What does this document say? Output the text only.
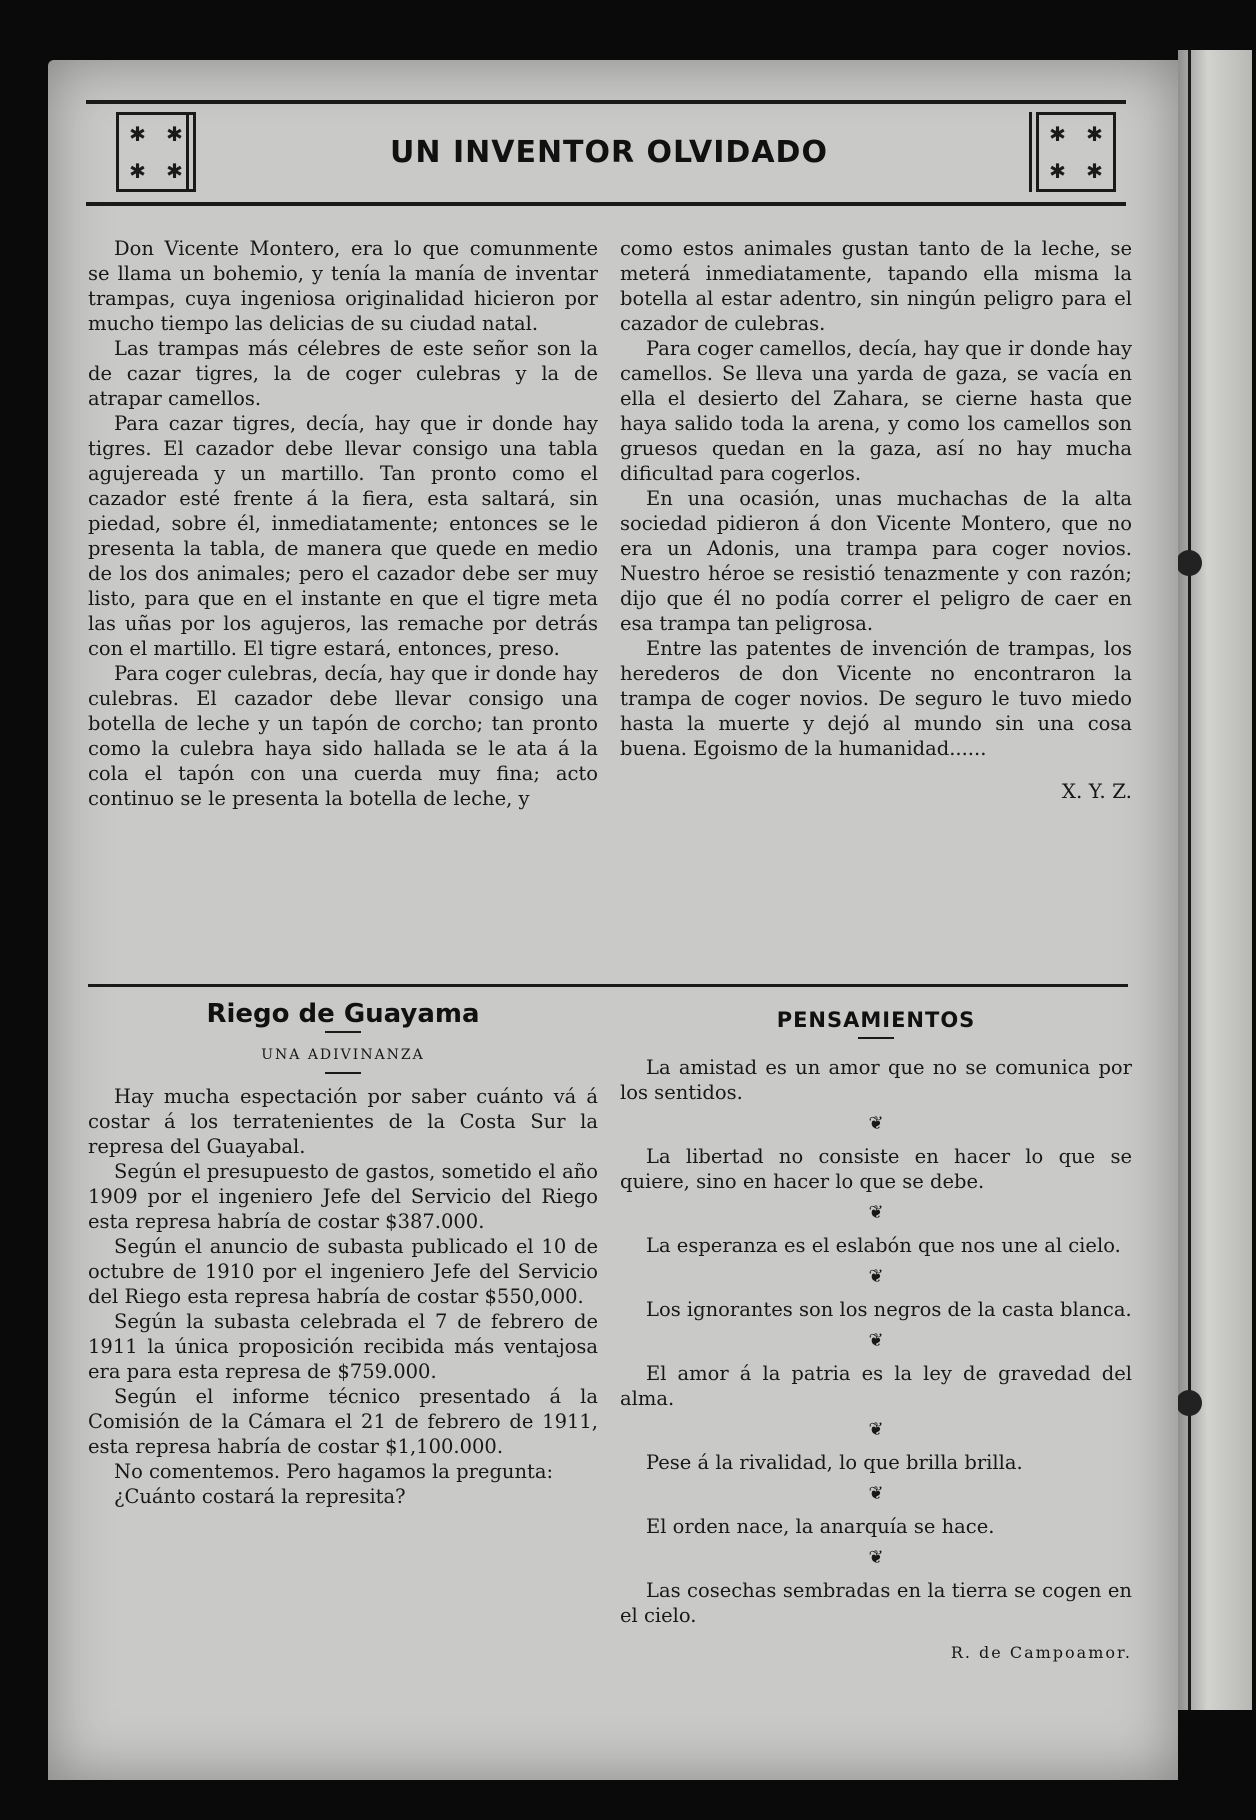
✱ ✱
✱ ✱
UN INVENTOR OLVIDADO
✱ ✱
✱ ✱

Don Vicente Montero, era lo que comunmente se llama un bohemio, y tenía la manía de inventar trampas, cuya ingeniosa originalidad hicieron por mucho tiempo las delicias de su ciudad natal.

Las trampas más célebres de este señor son la de cazar tigres, la de coger culebras y la de atrapar camellos.

Para cazar tigres, decía, hay que ir donde hay tigres. El cazador debe llevar consigo una tabla agujereada y un martillo. Tan pronto como el cazador esté frente á la fiera, esta saltará, sin piedad, sobre él, inmediatamente; entonces se le presenta la tabla, de manera que quede en medio de los dos animales; pero el cazador debe ser muy listo, para que en el instante en que el tigre meta las uñas por los agujeros, las remache por detrás con el martillo. El tigre estará, entonces, preso.

Para coger culebras, decía, hay que ir donde hay culebras. El cazador debe llevar consigo una botella de leche y un tapón de corcho; tan pronto como la culebra haya sido hallada se le ata á la cola el tapón con una cuerda muy fina; acto continuo se le presenta la botella de leche, y

como estos animales gustan tanto de la leche, se meterá inmediatamente, tapando ella misma la botella al estar adentro, sin ningún peligro para el cazador de culebras.

Para coger camellos, decía, hay que ir donde hay camellos. Se lleva una yarda de gaza, se vacía en ella el desierto del Zahara, se cierne hasta que haya salido toda la arena, y como los camellos son gruesos quedan en la gaza, así no hay mucha dificultad para cogerlos.

En una ocasión, unas muchachas de la alta sociedad pidieron á don Vicente Montero, que no era un Adonis, una trampa para coger novios. Nuestro héroe se resistió tenazmente y con razón; dijo que él no podía correr el peligro de caer en esa trampa tan peligrosa.

Entre las patentes de invención de trampas, los herederos de don Vicente no encontraron la trampa de coger novios. De seguro le tuvo miedo hasta la muerte y dejó al mundo sin una cosa buena. Egoismo de la humanidad......

X. Y. Z.

Riego de Guayama
UNA ADIVINANZA

Hay mucha espectación por saber cuánto vá á costar á los terratenientes de la Costa Sur la represa del Guayabal.

Según el presupuesto de gastos, sometido el año 1909 por el ingeniero Jefe del Servicio del Riego esta represa habría de costar $387.000.

Según el anuncio de subasta publicado el 10 de octubre de 1910 por el ingeniero Jefe del Servicio del Riego esta represa habría de costar $550,000.

Según la subasta celebrada el 7 de febrero de 1911 la única proposición recibida más ventajosa era para esta represa de $759.000.

Según el informe técnico presentado á la Comisión de la Cámara el 21 de febrero de 1911, esta represa habría de costar $1,100.000.

No comentemos. Pero hagamos la pregunta:

¿Cuánto costará la represita?

PENSAMIENTOS

La amistad es un amor que no se comunica por los sentidos.

❦

La libertad no consiste en hacer lo que se quiere, sino en hacer lo que se debe.

❦

La esperanza es el eslabón que nos une al cielo.

❦

Los ignorantes son los negros de la casta blanca.

❦

El amor á la patria es la ley de gravedad del alma.

❦

Pese á la rivalidad, lo que brilla brilla.

❦

El orden nace, la anarquía se hace.

❦

Las cosechas sembradas en la tierra se cogen en el cielo.

R. de Campoamor.
